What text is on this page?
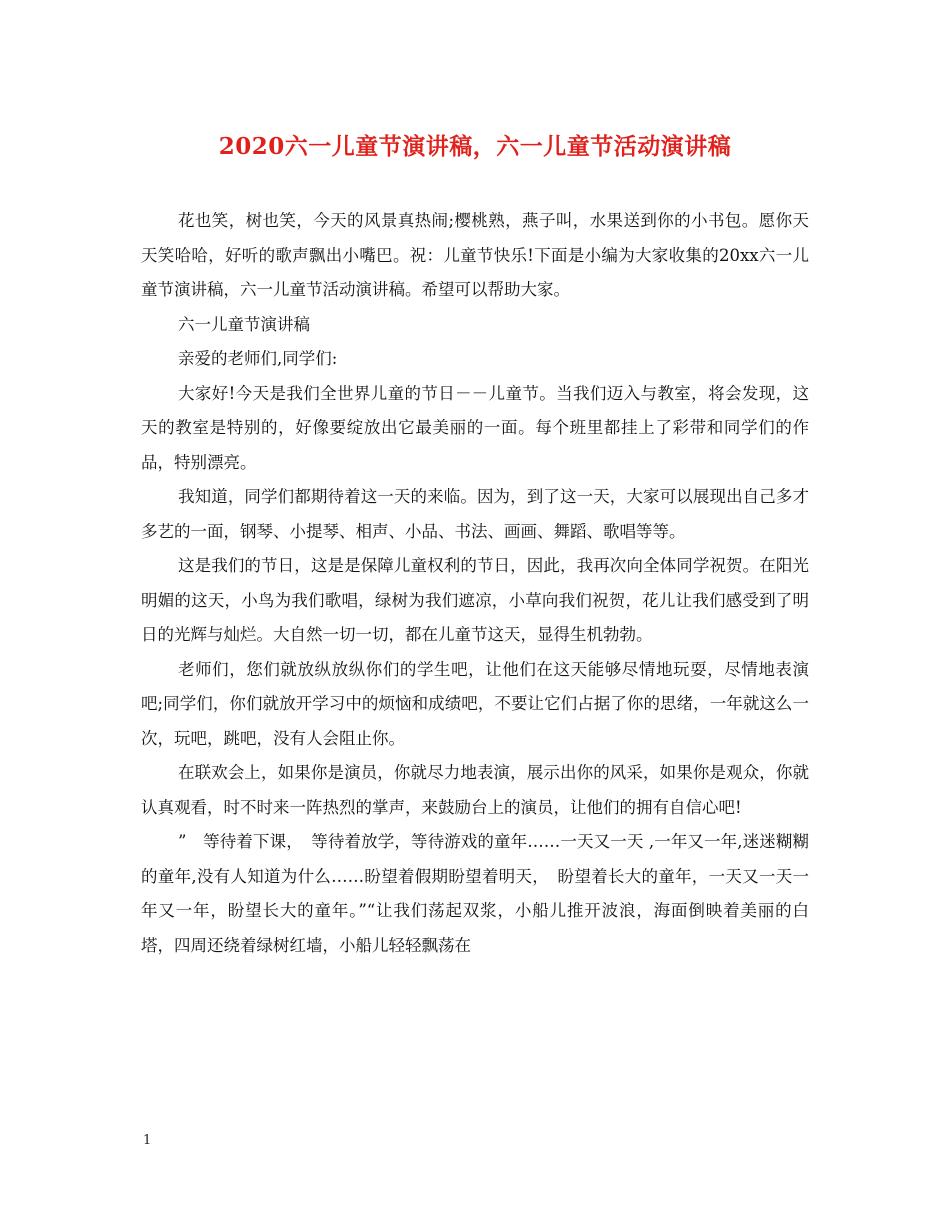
2020六一儿童节演讲稿，六一儿童节活动演讲稿

花也笑，树也笑，今天的风景真热闹;樱桃熟，燕子叫，水果送到你的小书包。愿你天天笑哈哈，好听的歌声飘出小嘴巴。祝：儿童节快乐!下面是小编为大家收集的20xx六一儿童节演讲稿，六一儿童节活动演讲稿。希望可以帮助大家。

六一儿童节演讲稿

亲爱的老师们,同学们:

大家好!今天是我们全世界儿童的节日－－儿童节。当我们迈入与教室，将会发现，这天的教室是特别的，好像要绽放出它最美丽的一面。每个班里都挂上了彩带和同学们的作品，特别漂亮。

我知道，同学们都期待着这一天的来临。因为，到了这一天，大家可以展现出自己多才多艺的一面，钢琴、小提琴、相声、小品、书法、画画、舞蹈、歌唱等等。

这是我们的节日，这是是保障儿童权利的节日，因此，我再次向全体同学祝贺。在阳光明媚的这天，小鸟为我们歌唱，绿树为我们遮凉，小草向我们祝贺，花儿让我们感受到了明日的光辉与灿烂。大自然一切一切，都在儿童节这天，显得生机勃勃。

老师们，您们就放纵放纵你们的学生吧，让他们在这天能够尽情地玩耍，尽情地表演吧;同学们，你们就放开学习中的烦恼和成绩吧，不要让它们占据了你的思绪，一年就这么一次，玩吧，跳吧，没有人会阻止你。

在联欢会上，如果你是演员，你就尽力地表演，展示出你的风采，如果你是观众，你就认真观看，时不时来一阵热烈的掌声，来鼓励台上的演员，让他们的拥有自信心吧!

”　等待着下课，　等待着放学，等待游戏的童年……一天又一天 ,一年又一年,迷迷糊糊的童年,没有人知道为什么……盼望着假期盼望着明天，　盼望着长大的童年，一天又一天一年又一年，盼望长大的童年。”“让我们荡起双浆，小船儿推开波浪，海面倒映着美丽的白塔，四周还绕着绿树红墙，小船儿轻轻飘荡在

1
